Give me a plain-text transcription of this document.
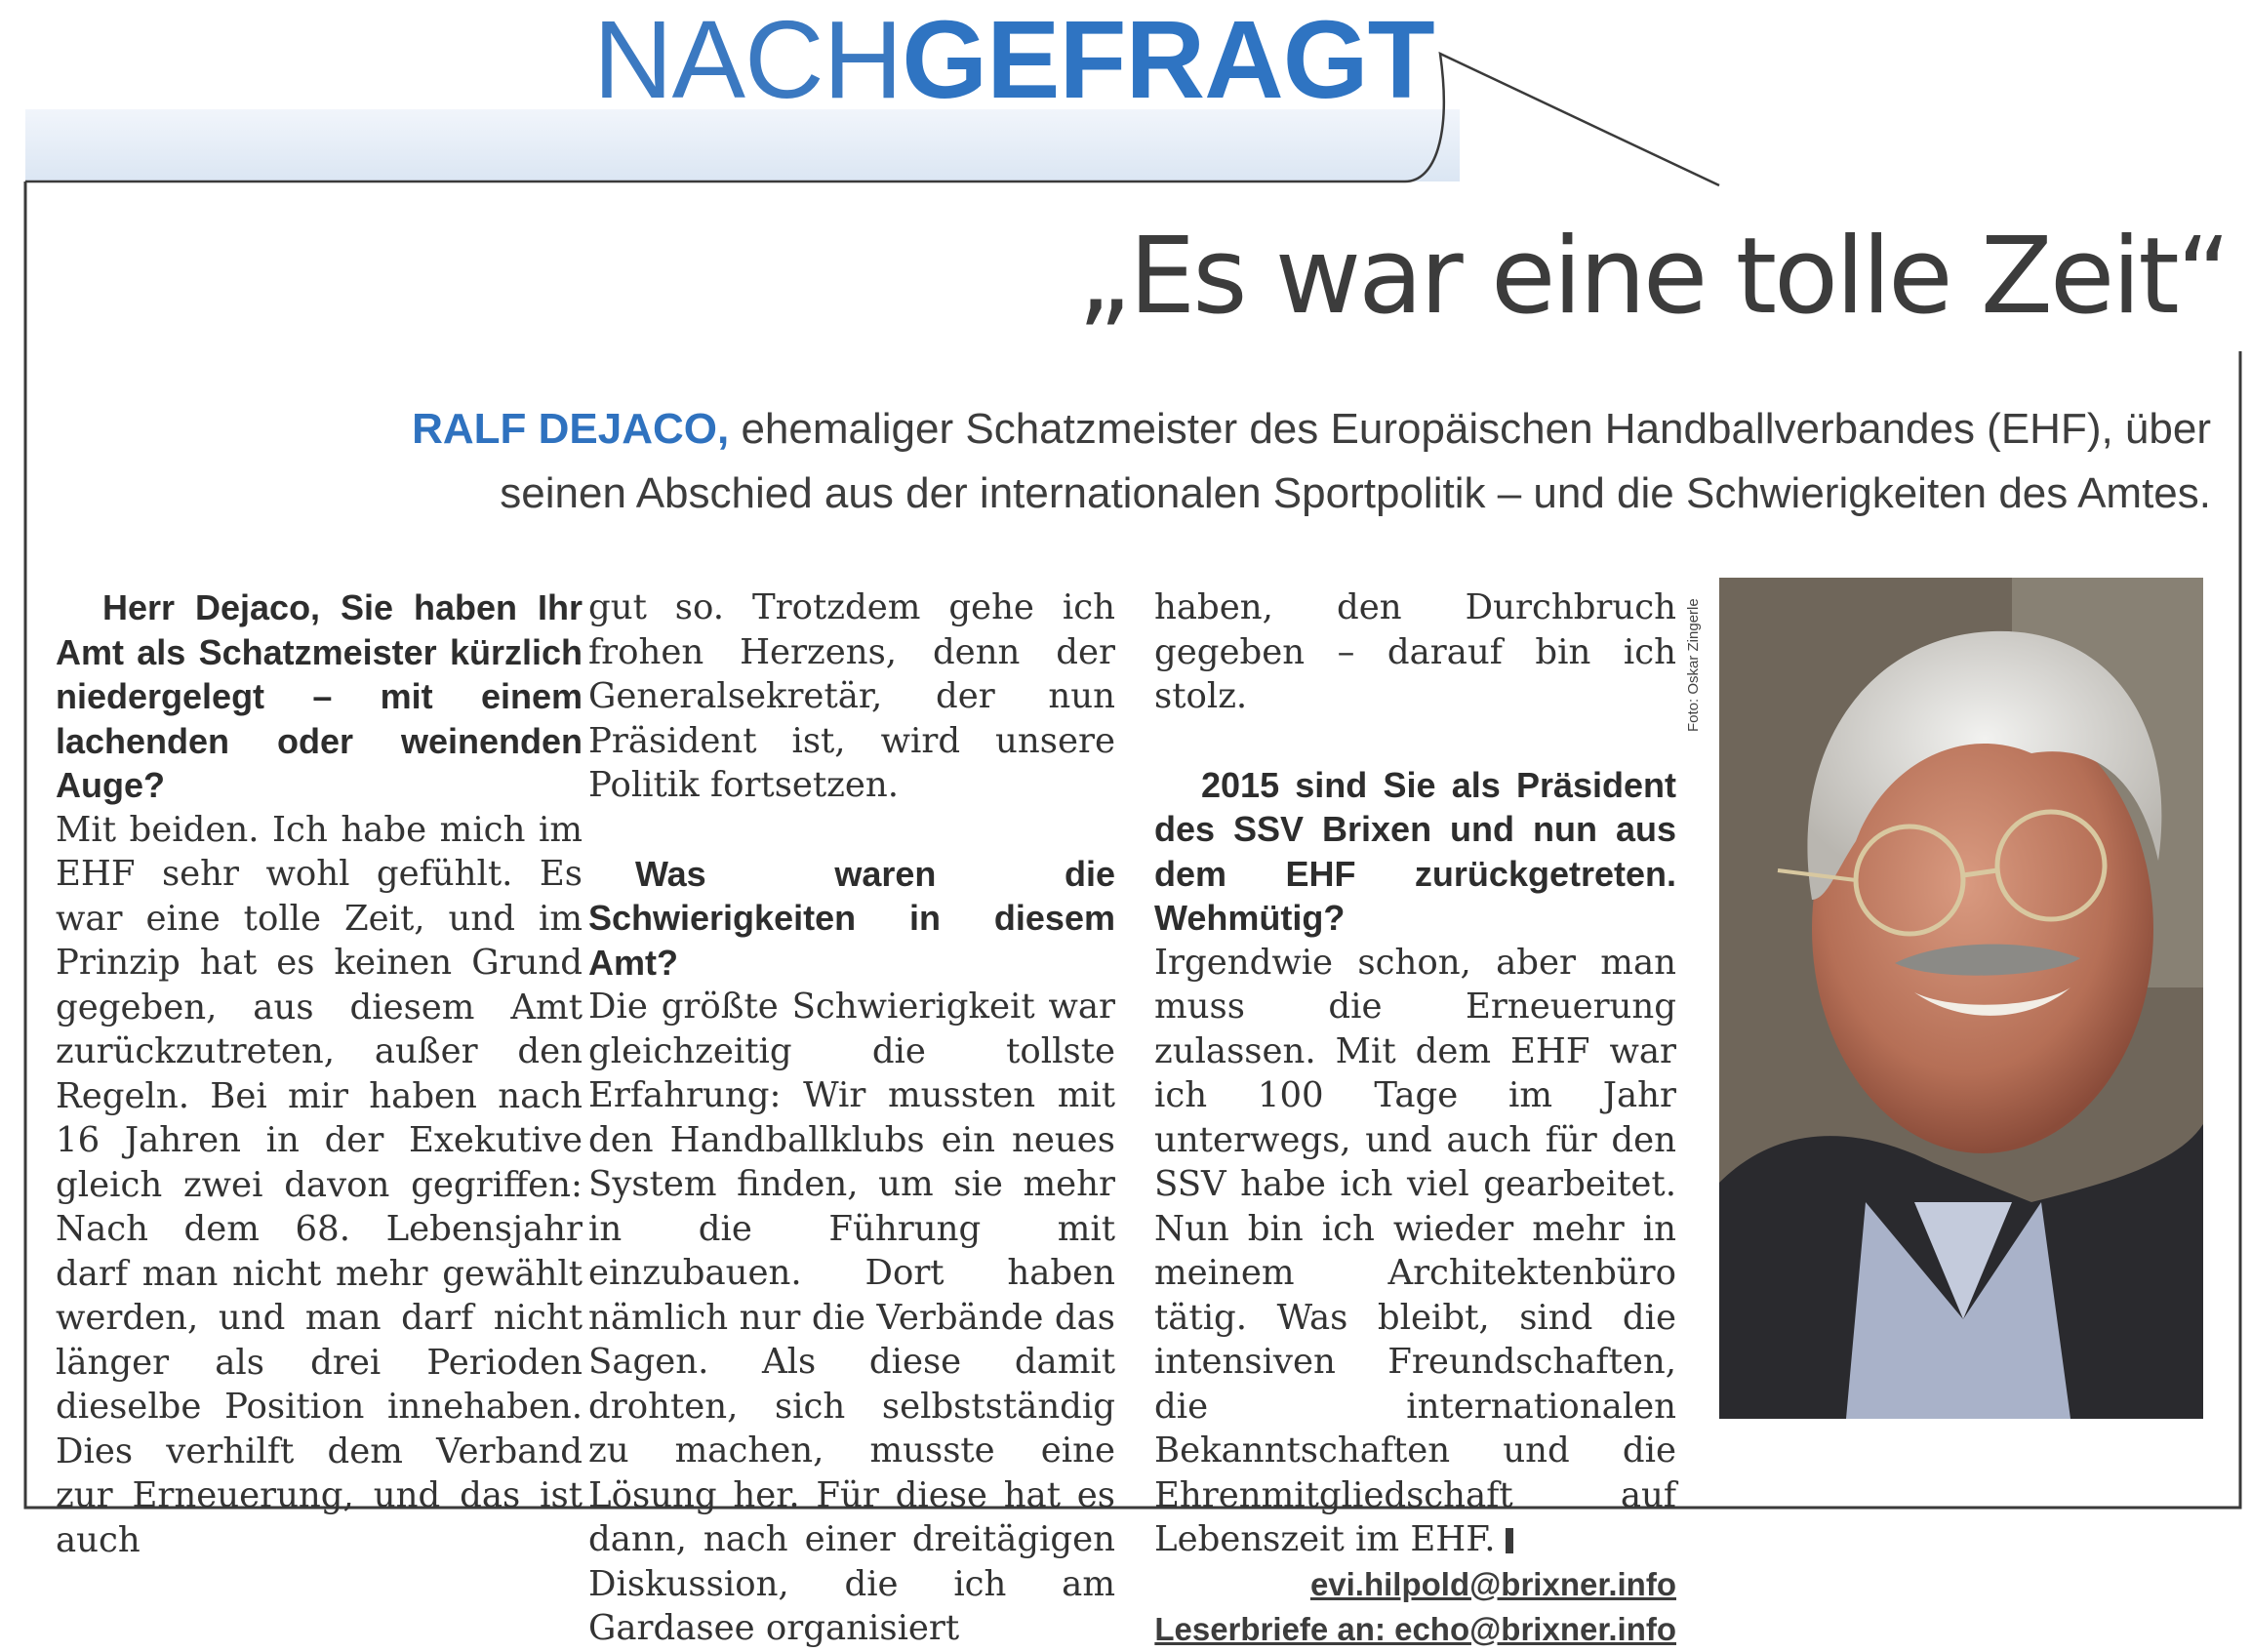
NACHGEFRAGT
„Es war eine tolle Zeit“
RALF DEJACO, ehemaliger Schatzmeister des Europäischen Handballverbandes (EHF), über seinen Abschied aus der internationalen Sportpolitik – und die Schwierigkeiten des Amtes.

Herr Dejaco, Sie haben Ihr Amt als Schatzmeister kürzlich niedergelegt – mit einem lachenden oder weinenden Auge?

Mit beiden. Ich habe mich im EHF sehr wohl gefühlt. Es war eine tolle Zeit, und im Prinzip hat es keinen Grund gegeben, aus diesem Amt zurückzutreten, außer den Regeln. Bei mir haben nach 16 Jahren in der Exekutive gleich zwei davon gegriffen: Nach dem 68. Lebensjahr darf man nicht mehr gewählt werden, und man darf nicht länger als drei Perioden dieselbe Position innehaben. Dies verhilft dem Verband zur Erneuerung, und das ist auch

gut so. Trotzdem gehe ich frohen Herzens, denn der Generalsekretär, der nun Präsident ist, wird unsere Politik fortsetzen.

Was waren die Schwierigkeiten in diesem Amt?

Die größte Schwierigkeit war gleichzeitig die tollste Erfahrung: Wir mussten mit den Handballklubs ein neues System finden, um sie mehr in die Führung mit einzubauen. Dort haben nämlich nur die Verbände das Sagen. Als diese damit drohten, sich selbstständig zu machen, musste eine Lösung her. Für diese hat es dann, nach einer dreitägigen Diskussion, die ich am Gardasee organisiert

haben, den Durchbruch gegeben – darauf bin ich stolz.

2015 sind Sie als Präsident des SSV Brixen und nun aus dem EHF zurückgetreten. Wehmütig?

Irgendwie schon, aber man muss die Erneuerung zulassen. Mit dem EHF war ich 100 Tage im Jahr unterwegs, und auch für den SSV habe ich viel gearbeitet. Nun bin ich wieder mehr in meinem Architektenbüro tätig. Was bleibt, sind die intensiven Freundschaften, die internationalen Bekanntschaften und die Ehrenmitgliedschaft auf Lebenszeit im EHF.

evi.hilpold@brixner.info
Leserbriefe an: echo@brixner.info
Foto: Oskar Zingerle
